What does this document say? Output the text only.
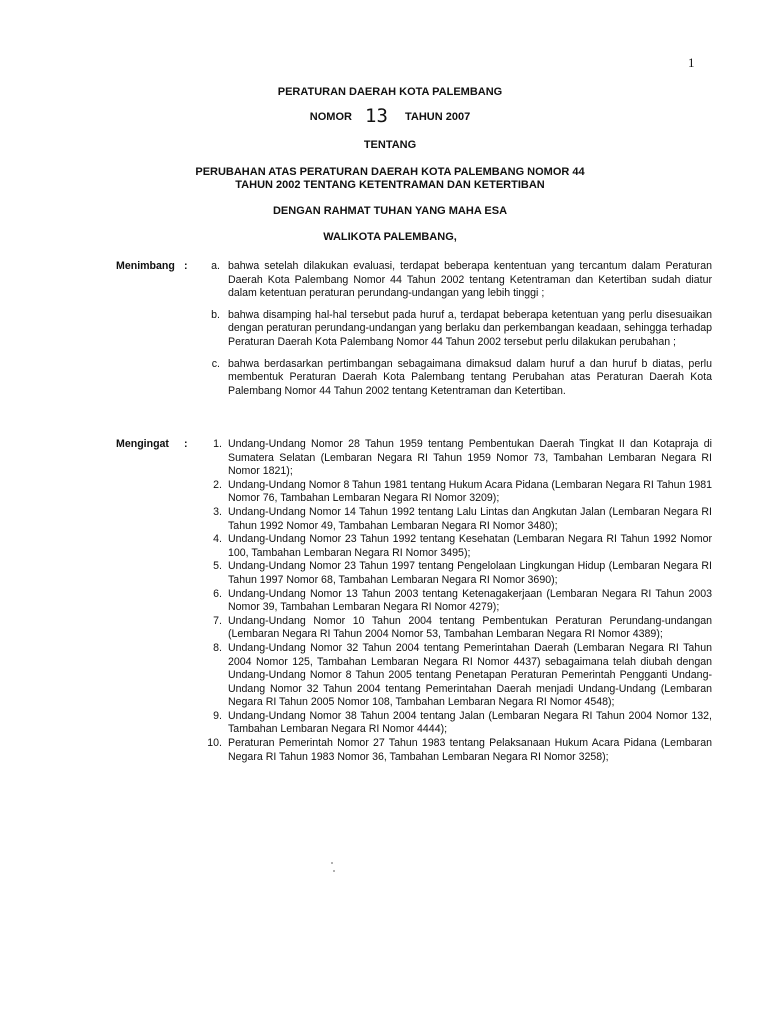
1
PERATURAN DAERAH KOTA PALEMBANG
NOMOR 13 TAHUN 2007
TENTANG
PERUBAHAN ATAS PERATURAN DAERAH KOTA PALEMBANG NOMOR 44
TAHUN 2002 TENTANG KETENTRAMAN DAN KETERTIBAN
DENGAN RAHMAT TUHAN YANG MAHA ESA
WALIKOTA PALEMBANG,
Menimbang :	a. bahwa setelah dilakukan evaluasi, terdapat beberapa kententuan yang tercantum dalam Peraturan Daerah Kota Palembang Nomor 44 Tahun 2002 tentang Ketentraman dan Ketertiban sudah diatur dalam ketentuan peraturan perundang-undangan yang lebih tinggi ;
b. bahwa disamping hal-hal tersebut pada huruf a, terdapat beberapa ketentuan yang perlu disesuaikan dengan peraturan perundang-undangan yang berlaku dan perkembangan keadaan, sehingga terhadap Peraturan Daerah Kota Palembang Nomor 44 Tahun 2002 tersebut perlu dilakukan perubahan ;
c. bahwa berdasarkan pertimbangan sebagaimana dimaksud dalam huruf a dan huruf b diatas, perlu membentuk Peraturan Daerah Kota Palembang tentang Perubahan atas Peraturan Daerah Kota Palembang Nomor 44 Tahun 2002 tentang Ketentraman dan Ketertiban.
Mengingat :	1. Undang-Undang Nomor 28 Tahun 1959 tentang Pembentukan Daerah Tingkat II dan Kotapraja di Sumatera Selatan (Lembaran Negara RI Tahun 1959 Nomor 73, Tambahan Lembaran Negara RI Nomor 1821);
2. Undang-Undang Nomor 8 Tahun 1981 tentang Hukum Acara Pidana (Lembaran Negara RI Tahun 1981 Nomor 76, Tambahan Lembaran Negara RI Nomor 3209);
3. Undang-Undang Nomor 14 Tahun 1992 tentang Lalu Lintas dan Angkutan Jalan (Lembaran Negara RI Tahun 1992 Nomor 49, Tambahan Lembaran Negara RI Nomor 3480);
4. Undang-Undang Nomor 23 Tahun 1992 tentang Kesehatan (Lembaran Negara RI Tahun 1992 Nomor 100, Tambahan Lembaran Negara RI Nomor 3495);
5. Undang-Undang Nomor 23 Tahun 1997 tentang Pengelolaan Lingkungan Hidup (Lembaran Negara RI Tahun 1997 Nomor 68, Tambahan Lembaran Negara RI Nomor 3690);
6. Undang-Undang Nomor 13 Tahun 2003 tentang Ketenagakerjaan (Lembaran Negara RI Tahun 2003 Nomor 39, Tambahan Lembaran Negara RI Nomor 4279);
7. Undang-Undang Nomor 10 Tahun 2004 tentang Pembentukan Peraturan Perundang-undangan (Lembaran Negara RI Tahun 2004 Nomor 53, Tambahan Lembaran Negara RI Nomor 4389);
8. Undang-Undang Nomor 32 Tahun 2004 tentang Pemerintahan Daerah (Lembaran Negara RI Tahun 2004 Nomor 125, Tambahan Lembaran Negara RI Nomor 4437) sebagaimana telah diubah dengan Undang-Undang Nomor 8 Tahun 2005 tentang Penetapan Peraturan Pemerintah Pengganti Undang-Undang Nomor 32 Tahun 2004 tentang Pemerintahan Daerah menjadi Undang-Undang (Lembaran Negara RI Tahun 2005 Nomor 108, Tambahan Lembaran Negara RI Nomor 4548);
9. Undang-Undang Nomor 38 Tahun 2004 tentang Jalan (Lembaran Negara RI Tahun 2004 Nomor 132, Tambahan Lembaran Negara RI Nomor 4444);
10. Peraturan Pemerintah Nomor 27 Tahun 1983 tentang Pelaksanaan Hukum Acara Pidana (Lembaran Negara RI Tahun 1983 Nomor 36, Tambahan Lembaran Negara RI Nomor 3258);
